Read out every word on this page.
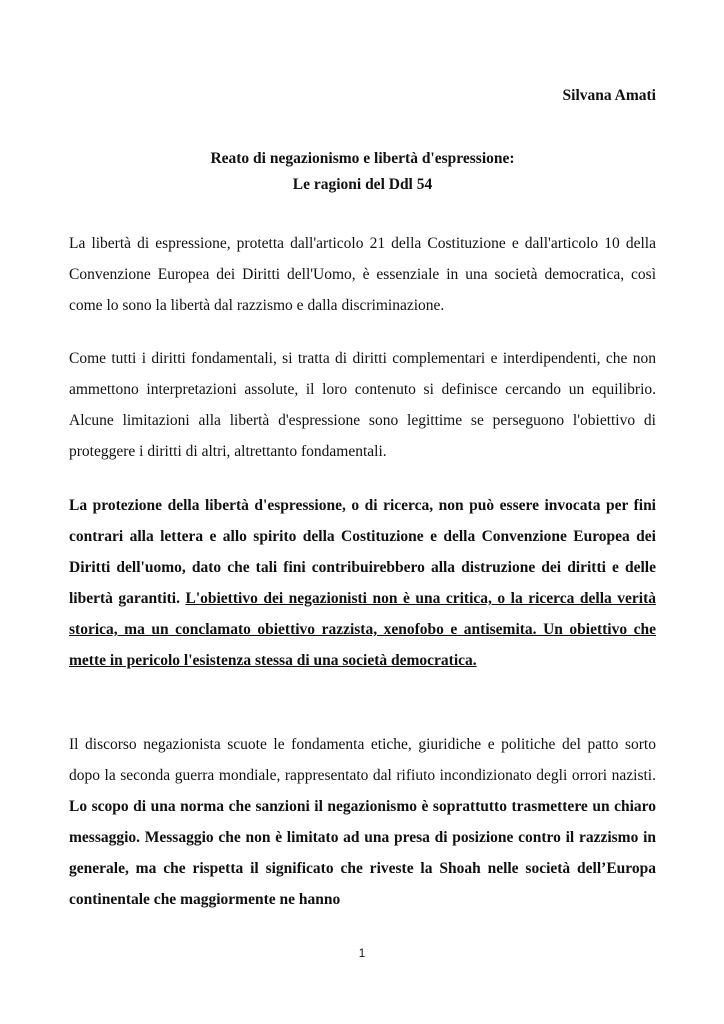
Silvana Amati
Reato di negazionismo e libertà d'espressione:
Le ragioni del Ddl 54

La libertà di espressione, protetta dall'articolo 21 della Costituzione e dall'articolo 10 della Convenzione Europea dei Diritti dell'Uomo, è essenziale in una società democratica, così come lo sono la libertà dal razzismo e dalla discriminazione.

Come tutti i diritti fondamentali, si tratta di diritti complementari e interdipendenti, che non ammettono interpretazioni assolute, il loro contenuto si definisce cercando un equilibrio. Alcune limitazioni alla libertà d'espressione sono legittime se perseguono l'obiettivo di proteggere i diritti di altri, altrettanto fondamentali.

La protezione della libertà d'espressione, o di ricerca, non può essere invocata per fini contrari alla lettera e allo spirito della Costituzione e della Convenzione Europea dei Diritti dell'uomo, dato che tali fini contribuirebbero alla distruzione dei diritti e delle libertà garantiti. L'obiettivo dei negazionisti non è una critica, o la ricerca della verità storica, ma un conclamato obiettivo razzista, xenofobo e antisemita. Un obiettivo che mette in pericolo l'esistenza stessa di una società democratica.

Il discorso negazionista scuote le fondamenta etiche, giuridiche e politiche del patto sorto dopo la seconda guerra mondiale, rappresentato dal rifiuto incondizionato degli orrori nazisti. Lo scopo di una norma che sanzioni il negazionismo è soprattutto trasmettere un chiaro messaggio. Messaggio che non è limitato ad una presa di posizione contro il razzismo in generale, ma che rispetta il significato che riveste la Shoah nelle società dell’Europa continentale che maggiormente ne hanno

1
